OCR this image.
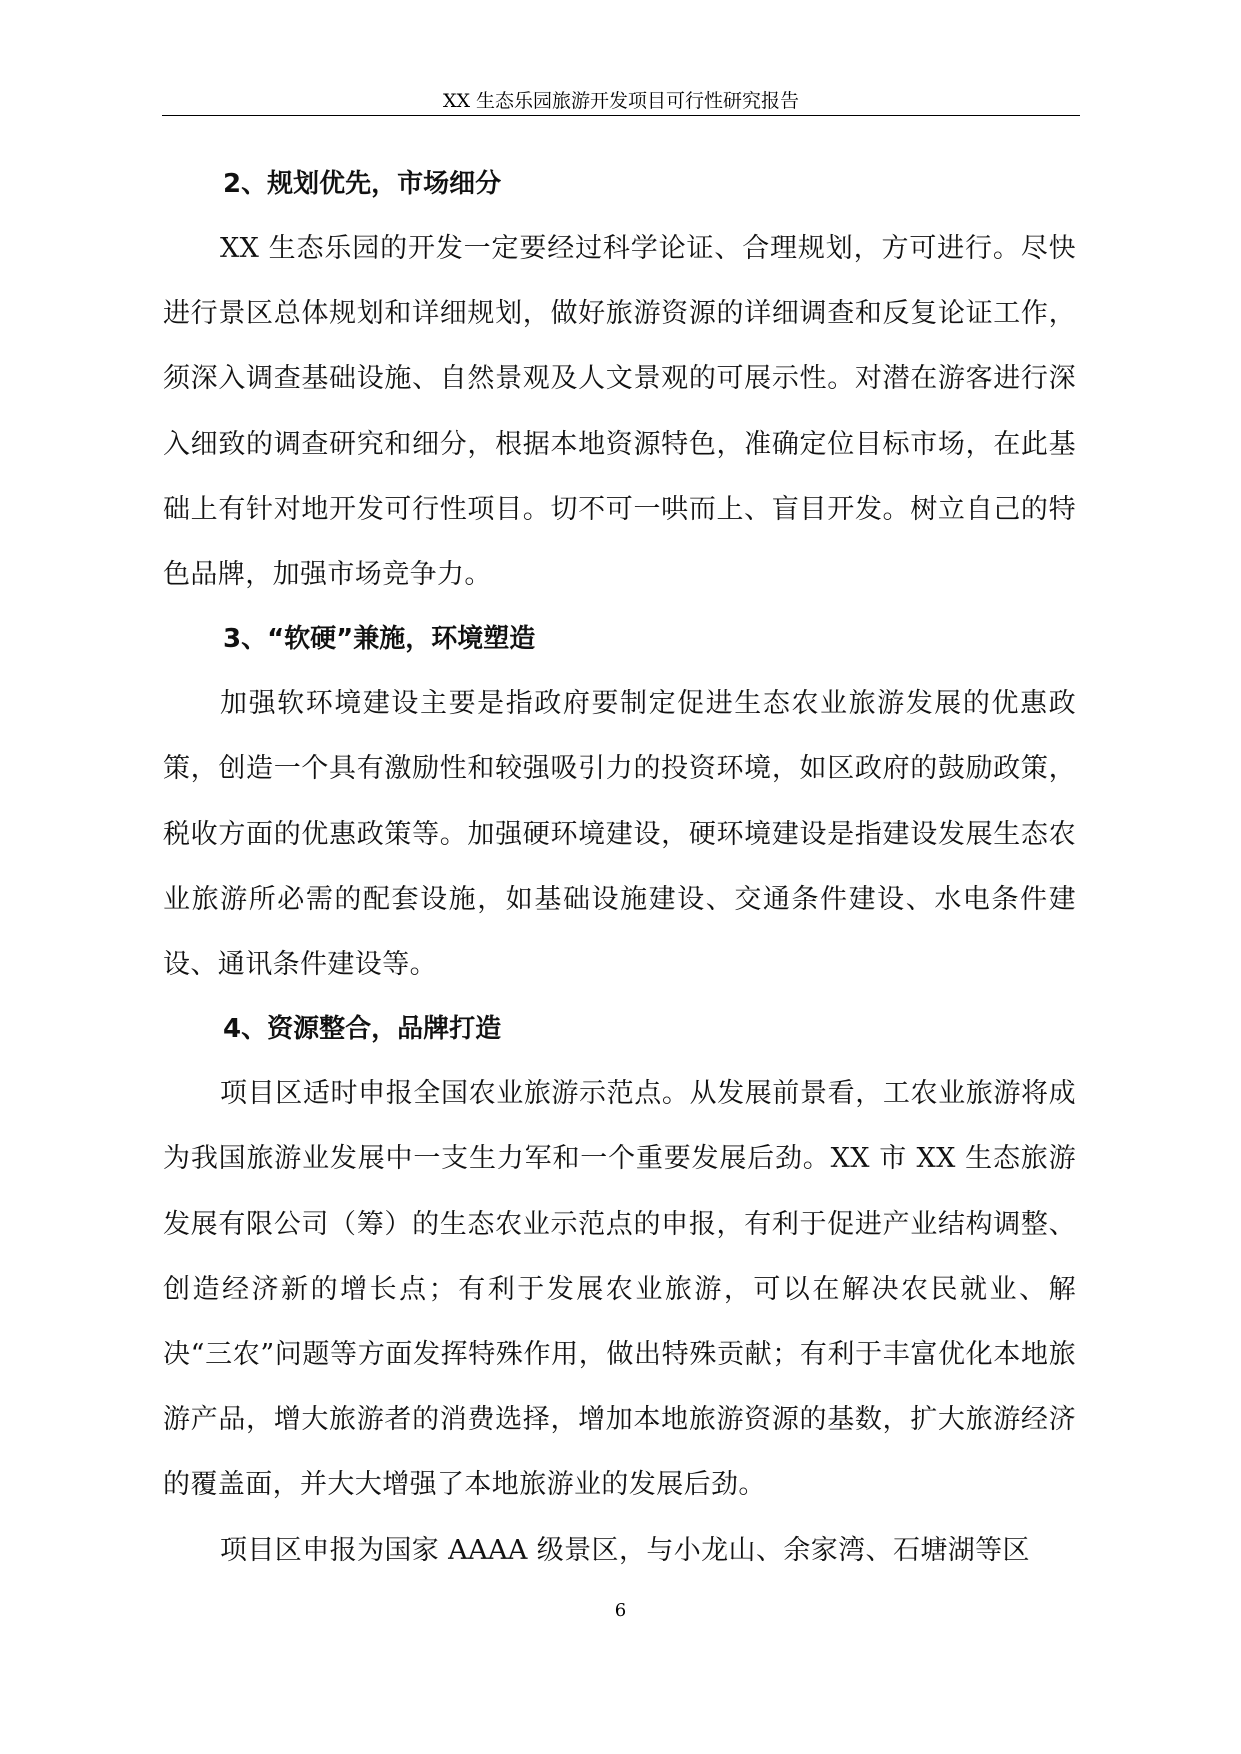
XX 生态乐园旅游开发项目可行性研究报告
2、规划优先，市场细分

XX 生态乐园的开发一定要经过科学论证、合理规划，方可进行。尽快进行景区总体规划和详细规划，做好旅游资源的详细调查和反复论证工作，须深入调查基础设施、自然景观及人文景观的可展示性。对潜在游客进行深入细致的调查研究和细分，根据本地资源特色，准确定位目标市场，在此基础上有针对地开发可行性项目。切不可一哄而上、盲目开发。树立自己的特色品牌，加强市场竞争力。

3、“软硬”兼施，环境塑造

加强软环境建设主要是指政府要制定促进生态农业旅游发展的优惠政策，创造一个具有激励性和较强吸引力的投资环境，如区政府的鼓励政策，税收方面的优惠政策等。加强硬环境建设，硬环境建设是指建设发展生态农业旅游所必需的配套设施，如基础设施建设、交通条件建设、水电条件建设、通讯条件建设等。

4、资源整合，品牌打造

项目区适时申报全国农业旅游示范点。从发展前景看，工农业旅游将成为我国旅游业发展中一支生力军和一个重要发展后劲。XX 市 XX 生态旅游发展有限公司（筹）的生态农业示范点的申报，有利于促进产业结构调整、创造经济新的增长点；有利于发展农业旅游，可以在解决农民就业、解决“三农”问题等方面发挥特殊作用，做出特殊贡献；有利于丰富优化本地旅游产品，增大旅游者的消费选择，增加本地旅游资源的基数，扩大旅游经济的覆盖面，并大大增强了本地旅游业的发展后劲。

项目区申报为国家 AAAA 级景区，与小龙山、余家湾、石塘湖等区

6
